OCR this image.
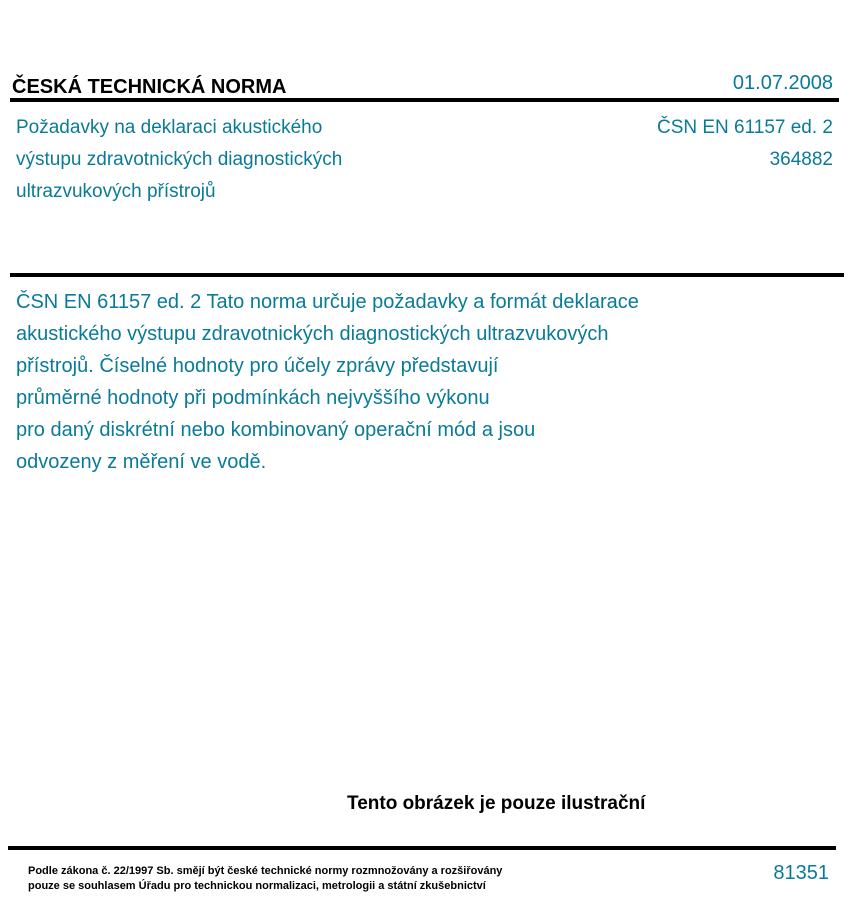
ČESKÁ TECHNICKÁ NORMA	01.07.2008
Požadavky na deklaraci akustického
výstupu zdravotnických diagnostických
ultrazvukových přístrojů
ČSN EN 61157 ed. 2
364882
ČSN EN 61157 ed. 2 Tato norma určuje požadavky a formát deklarace
akustického výstupu zdravotnických diagnostických ultrazvukových
přístrojů. Číselné hodnoty pro účely zprávy představují
průměrné hodnoty při podmínkách nejvyššího výkonu
pro daný diskrétní nebo kombinovaný operační mód a jsou
odvozeny z měření ve vodě.
Tento obrázek je pouze ilustrační
Podle zákona č. 22/1997 Sb. smějí být české technické normy rozmnožovány a rozšiřovány
pouze se souhlasem Úřadu pro technickou normalizaci, metrologii a státní zkušebnictví
81351
